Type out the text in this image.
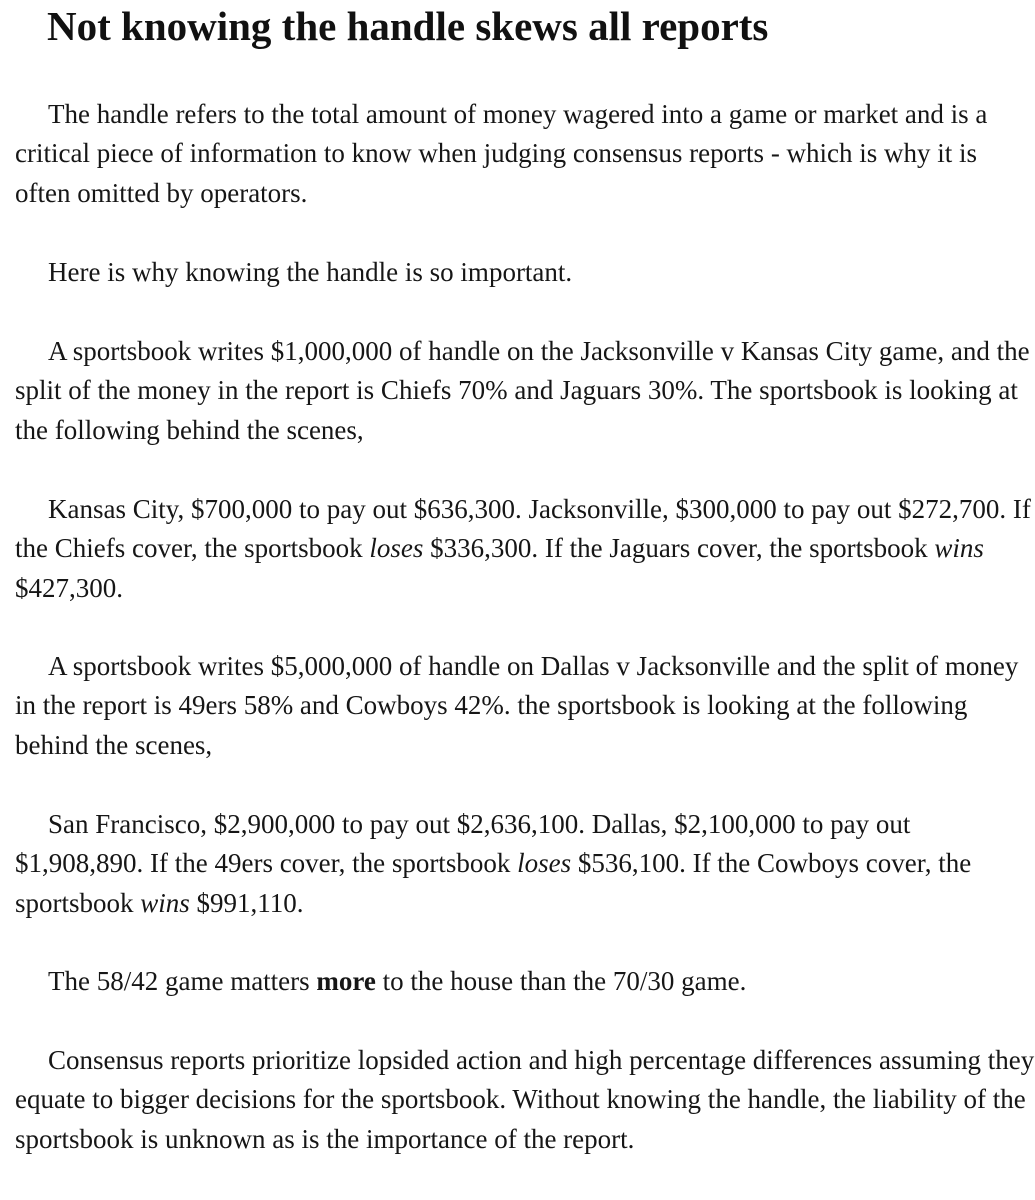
Not knowing the handle skews all reports

The handle refers to the total amount of money wagered into a game or market and is a critical piece of information to know when judging consensus reports - which is why it is often omitted by operators.

Here is why knowing the handle is so important.

A sportsbook writes $1,000,000 of handle on the Jacksonville v Kansas City game, and the split of the money in the report is Chiefs 70% and Jaguars 30%. The sportsbook is looking at the following behind the scenes,

Kansas City, $700,000 to pay out $636,300. Jacksonville, $300,000 to pay out $272,700. If the Chiefs cover, the sportsbook loses $336,300. If the Jaguars cover, the sportsbook wins $427,300.

A sportsbook writes $5,000,000 of handle on Dallas v Jacksonville and the split of money in the report is 49ers 58% and Cowboys 42%. the sportsbook is looking at the following behind the scenes,

San Francisco, $2,900,000 to pay out $2,636,100. Dallas, $2,100,000 to pay out $1,908,890. If the 49ers cover, the sportsbook loses $536,100. If the Cowboys cover, the sportsbook wins $991,110.

The 58/42 game matters more to the house than the 70/30 game.

Consensus reports prioritize lopsided action and high percentage differences assuming they equate to bigger decisions for the sportsbook. Without knowing the handle, the liability of the sportsbook is unknown as is the importance of the report.
